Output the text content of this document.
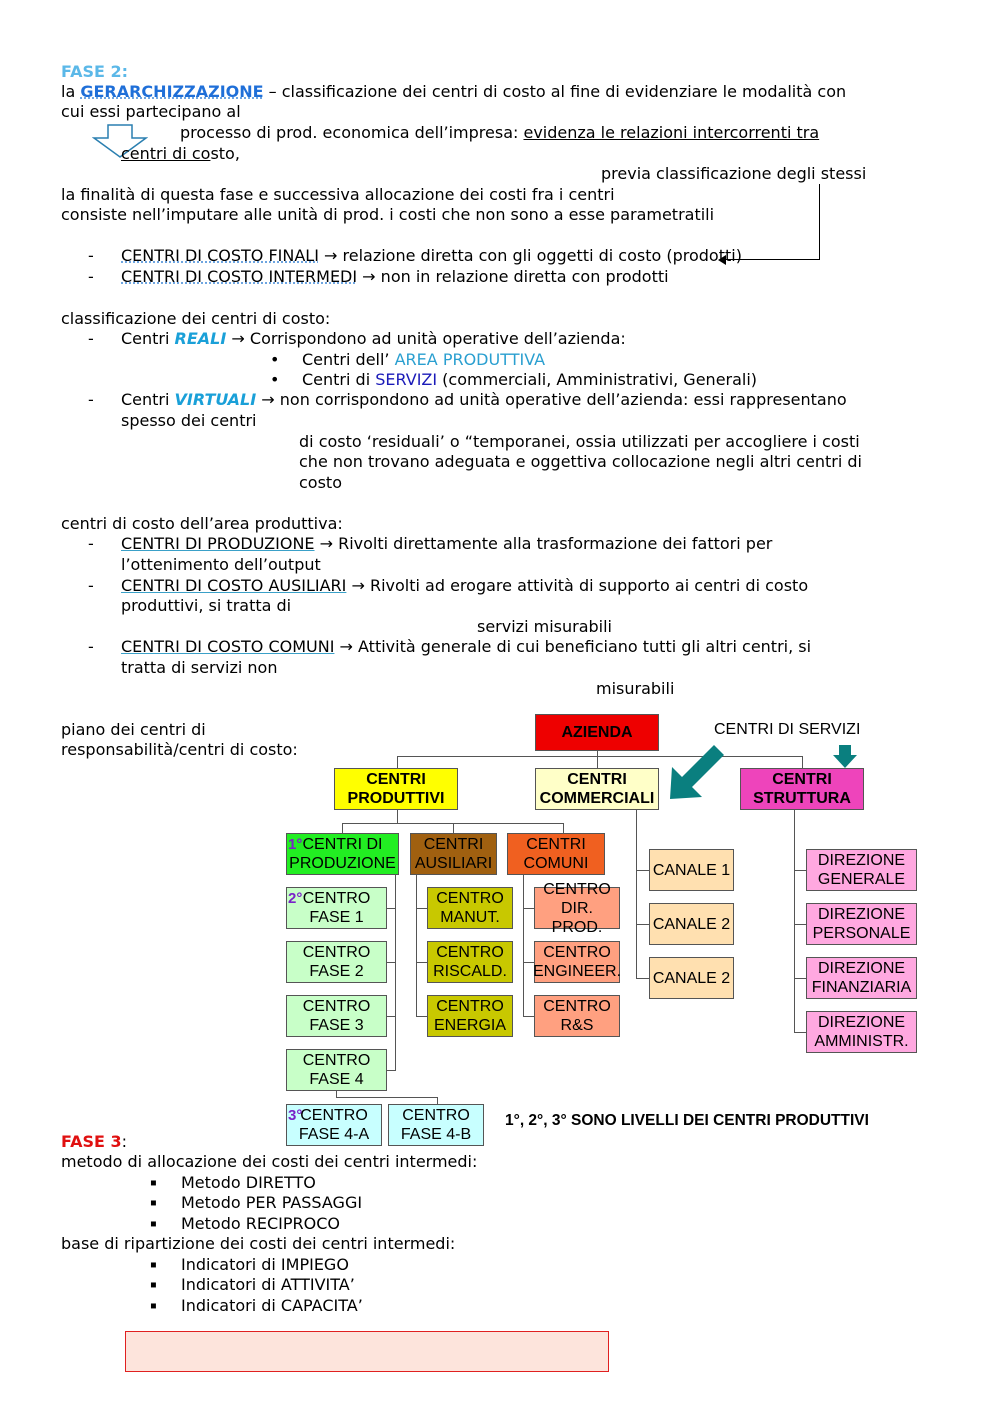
FASE 2:
la GERARCHIZZAZIONE – classificazione dei centri di costo al fine di evidenziare le modalità con
cui essi partecipano al
processo di prod. economica dell’impresa: evidenza le relazioni intercorrenti tra
centri di costo,
previa classificazione degli stessi
la finalità di questa fase e successiva allocazione dei costi fra i centri
consiste nell’imputare alle unità di prod. i costi che non sono a esse parametratili
- CENTRI DI COSTO FINALI → relazione diretta con gli oggetti di costo (prodotti)
- CENTRI DI COSTO INTERMEDI → non in relazione diretta con prodotti
classificazione dei centri di costo:
- Centri REALI → Corrispondono ad unità operative dell’azienda:
• Centri dell’ AREA PRODUTTIVA
• Centri di SERVIZI (commerciali, Amministrativi, Generali)
- Centri VIRTUALI → non corrispondono ad unità operative dell’azienda: essi rappresentano
spesso dei centri
di costo ‘residuali’ o “temporanei, ossia utilizzati per accogliere i costi
che non trovano adeguata e oggettiva collocazione negli altri centri di
costo
centri di costo dell’area produttiva:
- CENTRI DI PRODUZIONE → Rivolti direttamente alla trasformazione dei fattori per
l’ottenimento dell’output
- CENTRI DI COSTO AUSILIARI → Rivolti ad erogare attività di supporto ai centri di costo
produttivi, si tratta di
servizi misurabili
- CENTRI DI COSTO COMUNI → Attività generale di cui beneficiano tutti gli altri centri, si
tratta di servizi non
misurabili
piano dei centri di
responsabilità/centri di costo:
AZIENDA	CENTRI DI SERVIZI
CENTRI
PRODUTTIVI
CENTRI
COMMERCIALI
CENTRI
STRUTTURA
CENTRI DI
PRODUZIONE
CENTRI
AUSILIARI
CENTRI
COMUNI
CENTRO
FASE 1
CENTRO
FASE 2
CENTRO
FASE 3
CENTRO
FASE 4
CENTRO
FASE 4-A
CENTRO
FASE 4-B
CENTRO
MANUT.
CENTRO
RISCALD.
CENTRO
ENERGIA
CENTRO
DIR. PROD.
CENTRO
ENGINEER.
CENTRO
R&S
CANALE 1
CANALE 2
CANALE 2
DIREZIONE
GENERALE
DIREZIONE
PERSONALE
DIREZIONE
FINANZIARIA
DIREZIONE
AMMINISTR.
1°
2°
3°	1°, 2°, 3° SONO LIVELLI DEI CENTRI PRODUTTIVI
FASE 3:
metodo di allocazione dei costi dei centri intermedi:
▪ Metodo DIRETTO
▪ Metodo PER PASSAGGI
▪ Metodo RECIPROCO
base di ripartizione dei costi dei centri intermedi:
▪ Indicatori di IMPIEGO
▪ Indicatori di ATTIVITA’
▪ Indicatori di CAPACITA’
